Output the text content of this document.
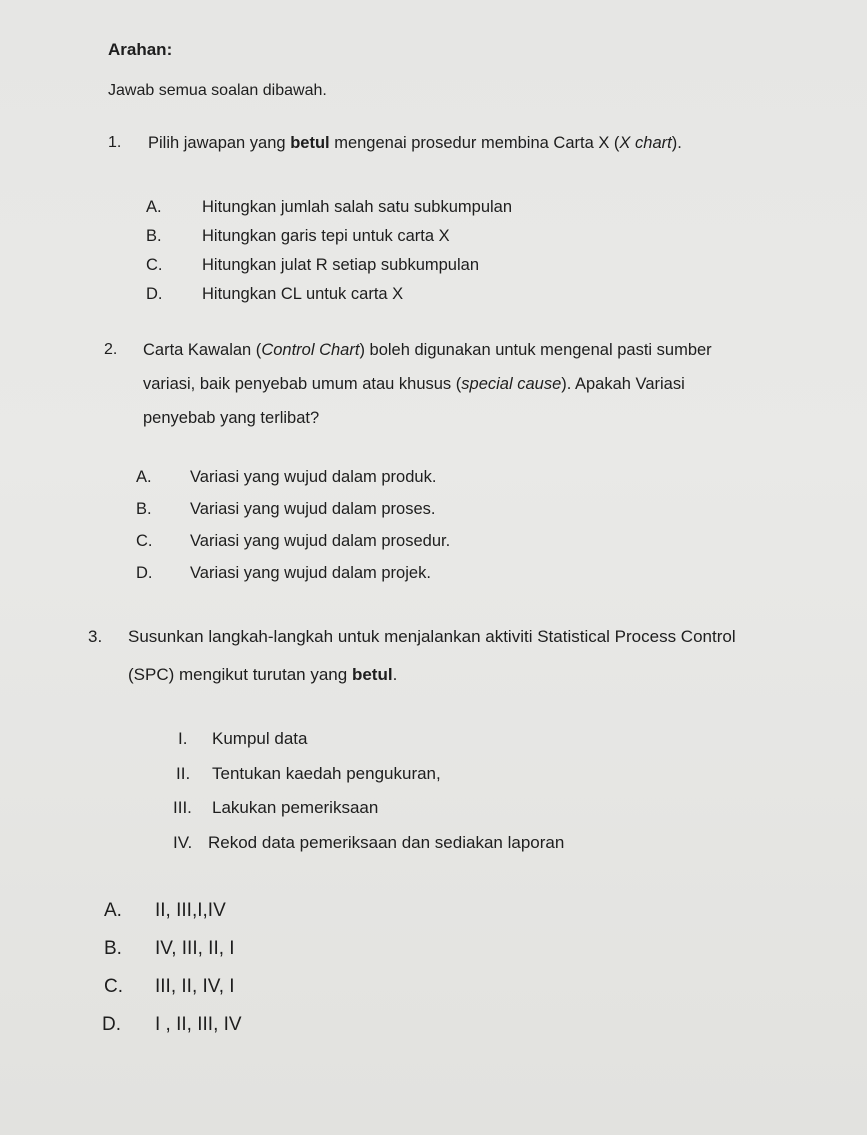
Arahan:
Jawab semua soalan dibawah.
1. Pilih jawapan yang betul mengenai prosedur membina Carta X (X chart).
A. Hitungkan jumlah salah satu subkumpulan
B. Hitungkan garis tepi untuk carta X
C. Hitungkan julat R setiap subkumpulan
D. Hitungkan CL untuk carta X
2. Carta Kawalan (Control Chart) boleh digunakan untuk mengenal pasti sumber
variasi, baik penyebab umum atau khusus (special cause). Apakah Variasi
penyebab yang terlibat?
A. Variasi yang wujud dalam produk.
B. Variasi yang wujud dalam proses.
C. Variasi yang wujud dalam prosedur.
D. Variasi yang wujud dalam projek.
3. Susunkan langkah-langkah untuk menjalankan aktiviti Statistical Process Control
(SPC) mengikut turutan yang betul.
I. Kumpul data
II. Tentukan kaedah pengukuran,
III. Lakukan pemeriksaan
IV. Rekod data pemeriksaan dan sediakan laporan
A. II, III,I,IV
B. IV, III, II, I
C. III, II, IV, I
D. I , II, III, IV
